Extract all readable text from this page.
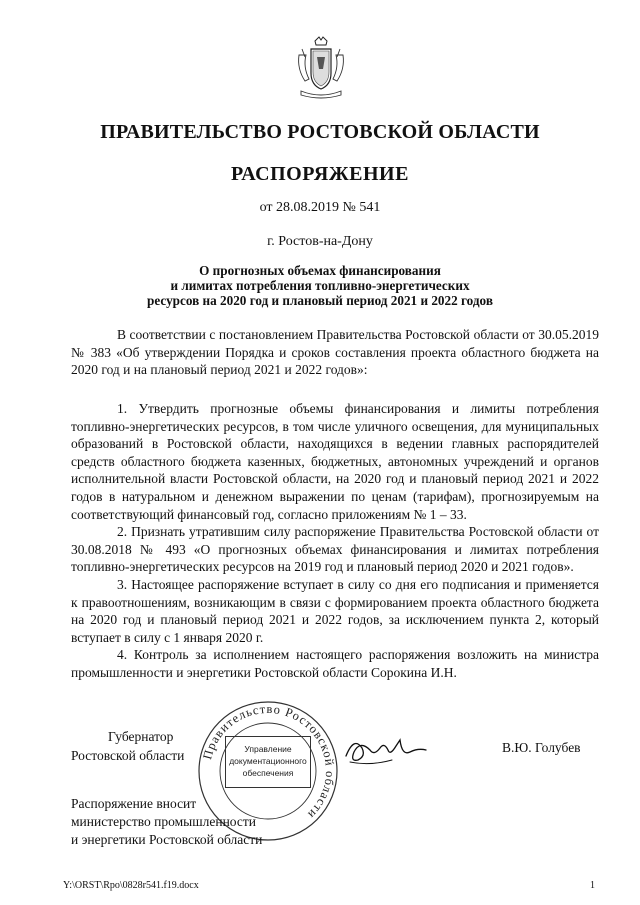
ПРАВИТЕЛЬСТВО РОСТОВСКОЙ ОБЛАСТИ
РАСПОРЯЖЕНИЕ
от 28.08.2019 № 541
г. Ростов-на-Дону
О прогнозных объемах финансирования
и лимитах потребления топливно-энергетических
ресурсов на 2020 год и плановый период 2021 и 2022 годов

В соответствии с постановлением Правительства Ростовской области от 30.05.2019 № 383 «Об утверждении Порядка и сроков составления проекта областного бюджета на 2020 год и на плановый период 2021 и 2022 годов»:

1. Утвердить прогнозные объемы финансирования и лимиты потребления топливно-энергетических ресурсов, в том числе уличного освещения, для муниципальных образований в Ростовской области, находящихся в ведении главных распорядителей средств областного бюджета казенных, бюджетных, автономных учреждений и органов исполнительной власти Ростовской области, на 2020 год и плановый период 2021 и 2022 годов в натуральном и денежном выражении по ценам (тарифам), прогнозируемым на соответствующий финансовый год, согласно приложениям № 1 – 33.

2. Признать утратившим силу распоряжение Правительства Ростовской области от 30.08.2018 № 493 «О прогнозных объемах финансирования и лимитах потребления топливно-энергетических ресурсов на 2019 год и плановый период 2020 и 2021 годов».

3. Настоящее распоряжение вступает в силу со дня его подписания и применяется к правоотношениям, возникающим в связи с формированием проекта областного бюджета на 2020 год и плановый период 2021 и 2022 годов, за исключением пункта 2, который вступает в силу с 1 января 2020 г.

4. Контроль за исполнением настоящего распоряжения возложить на министра промышленности и энергетики Ростовской области Сорокина И.Н.

Губернатор
Ростовской области Правительство Ростовской области
Управление
документационного
обеспечения
В.Ю. Голубев
Распоряжение вносит
министерство промышленности
и энергетики Ростовской области
Y:\ORST\Rpo\0828r541.f19.docx	1
